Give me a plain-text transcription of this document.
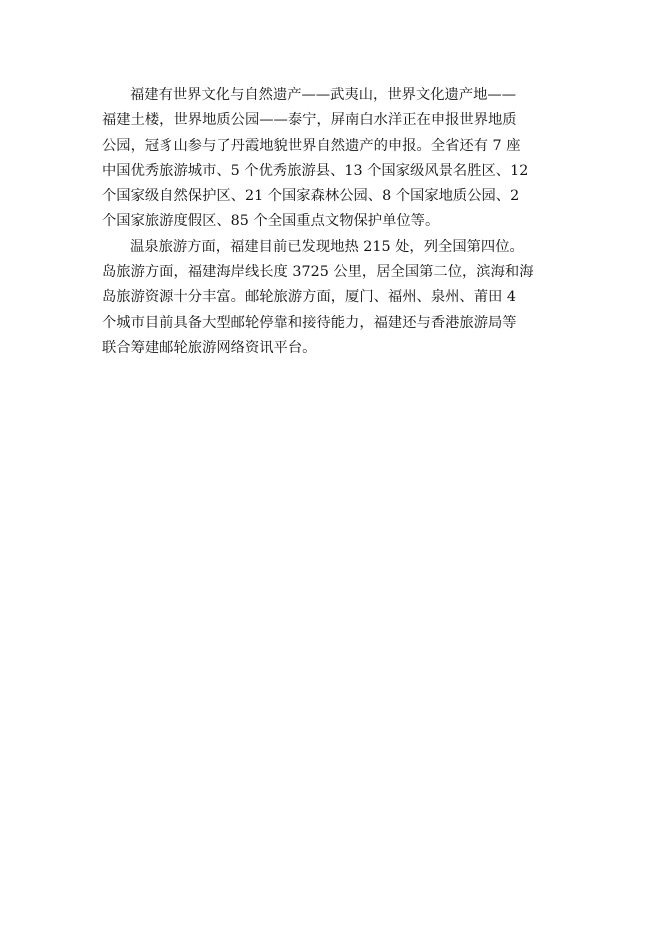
福建有世界文化与自然遗产——武夷山，世界文化遗产地——
福建土楼，世界地质公园——泰宁，屏南白水洋正在申报世界地质
公园，冠豸山参与了丹霞地貌世界自然遗产的申报。全省还有 7 座
中国优秀旅游城市、5 个优秀旅游县、13 个国家级风景名胜区、12
个国家级自然保护区、21 个国家森林公园、8 个国家地质公园、2
个国家旅游度假区、85 个全国重点文物保护单位等。

温泉旅游方面，福建目前已发现地热 215 处，列全国第四位。
岛旅游方面，福建海岸线长度 3725 公里，居全国第二位，滨海和海
岛旅游资源十分丰富。邮轮旅游方面，厦门、福州、泉州、莆田 4
个城市目前具备大型邮轮停靠和接待能力，福建还与香港旅游局等
联合筹建邮轮旅游网络资讯平台。
